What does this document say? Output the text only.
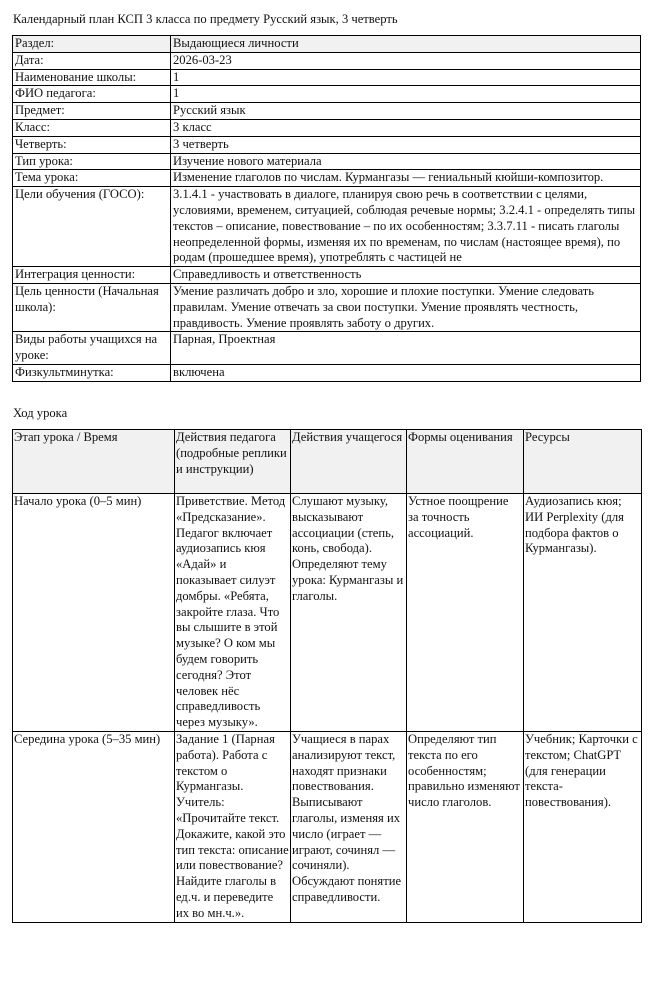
Календарный план КСП 3 класса по предмету Русский язык, 3 четверть
Раздел:	Выдающиеся личности
Дата:	2026-03-23
Наименование школы:	1
ФИО педагога:	1
Предмет:	Русский язык
Класс:	3 класс
Четверть:	3 четверть
Тип урока:	Изучение нового материала
Тема урока:	Изменение глаголов по числам. Курмангазы — гениальный кюйши-композитор.
Цели обучения (ГОСО):	3.1.4.1 - участвовать в диалоге, планируя свою речь в соответствии с целями, условиями, временем, ситуацией, соблюдая речевые нормы; 3.2.4.1 - определять типы текстов – описание, повествование – по их особенностям; 3.3.7.11 - писать глаголы неопределенной формы, изменяя их по временам, по числам (настоящее время), по родам (прошедшее время), употреблять с частицей не
Интеграция ценности:	Справедливость и ответственность
Цель ценности (Начальная школа):	Умение различать добро и зло, хорошие и плохие поступки. Умение следовать правилам. Умение отвечать за свои поступки. Умение проявлять честность, правдивость. Умение проявлять заботу о других.
Виды работы учащихся на уроке:	Парная, Проектная
Физкультминутка:	включена
Ход урока
Этап урока / Время	Действия педагога (подробные реплики и инструкции)	Действия учащегося	Формы оценивания	Ресурсы
Начало урока (0–5 мин)	Приветствие. Метод «Предсказание». Педагог включает аудиозапись кюя «Адай» и показывает силуэт домбры. «Ребята, закройте глаза. Что вы слышите в этой музыке? О ком мы будем говорить сегодня? Этот человек нёс справедливость через музыку».	Слушают музыку, высказывают ассоциации (степь, конь, свобода). Определяют тему урока: Курмангазы и глаголы.	Устное поощрение за точность ассоциаций.	Аудиозапись кюя; ИИ Perplexity (для подбора фактов о Курмангазы).
Середина урока (5–35 мин)	Задание 1 (Парная работа). Работа с текстом о Курмангазы. Учитель: «Прочитайте текст. Докажите, какой это тип текста: описание или повествование? Найдите глаголы в ед.ч. и переведите их во мн.ч.».	Учащиеся в парах анализируют текст, находят признаки повествования. Выписывают глаголы, изменяя их число (играет — играют, сочинял — сочиняли). Обсуждают понятие справедливости.	Определяют тип текста по его особенностям; правильно изменяют число глаголов.	Учебник; Карточки с текстом; ChatGPT (для генерации текста-повествования).
